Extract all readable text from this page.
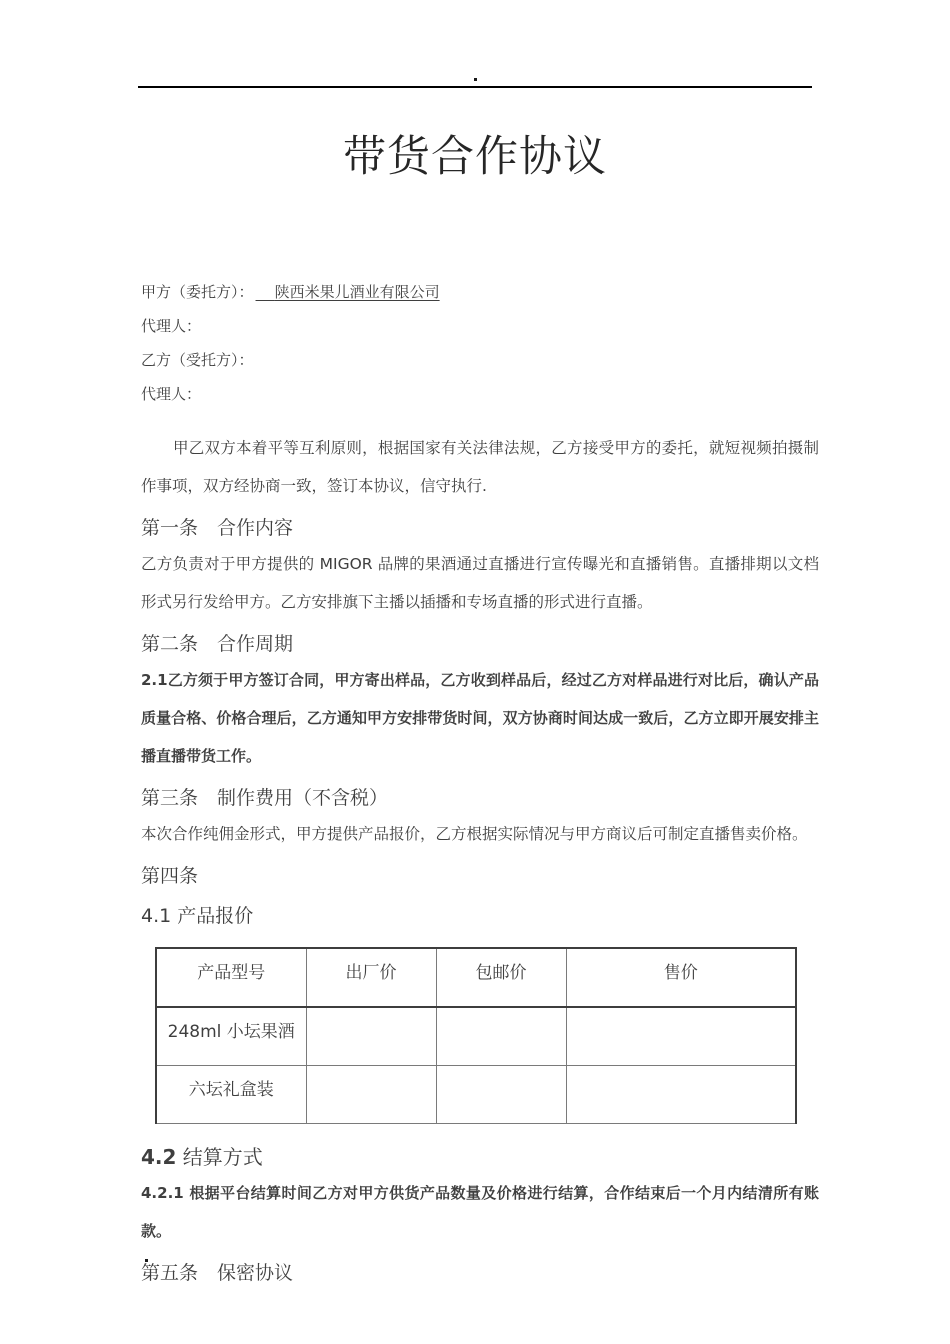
带货合作协议
甲方（委托方）： 陕西米果儿酒业有限公司
代理人：
乙方（受托方）：
代理人：
甲乙双方本着平等互利原则，根据国家有关法律法规，乙方接受甲方的委托，就短视频拍摄制作事项，双方经协商一致，签订本协议，信守执行.
第一条　合作内容
乙方负责对于甲方提供的 MIGOR 品牌的果酒通过直播进行宣传曝光和直播销售。直播排期以文档形式另行发给甲方。乙方安排旗下主播以插播和专场直播的形式进行直播。
第二条　合作周期
2.1乙方须于甲方签订合同，甲方寄出样品，乙方收到样品后，经过乙方对样品进行对比后，确认产品质量合格、价格合理后，乙方通知甲方安排带货时间，双方协商时间达成一致后，乙方立即开展安排主播直播带货工作。
第三条　制作费用（不含税）
本次合作纯佣金形式，甲方提供产品报价，乙方根据实际情况与甲方商议后可制定直播售卖价格。
第四条
4.1 产品报价
产品型号	出厂价	包邮价	售价
248ml 小坛果酒			
六坛礼盒装			
4.2 结算方式
4.2.1 根据平台结算时间乙方对甲方供货产品数量及价格进行结算，合作结束后一个月内结清所有账款。
第五条　保密协议
